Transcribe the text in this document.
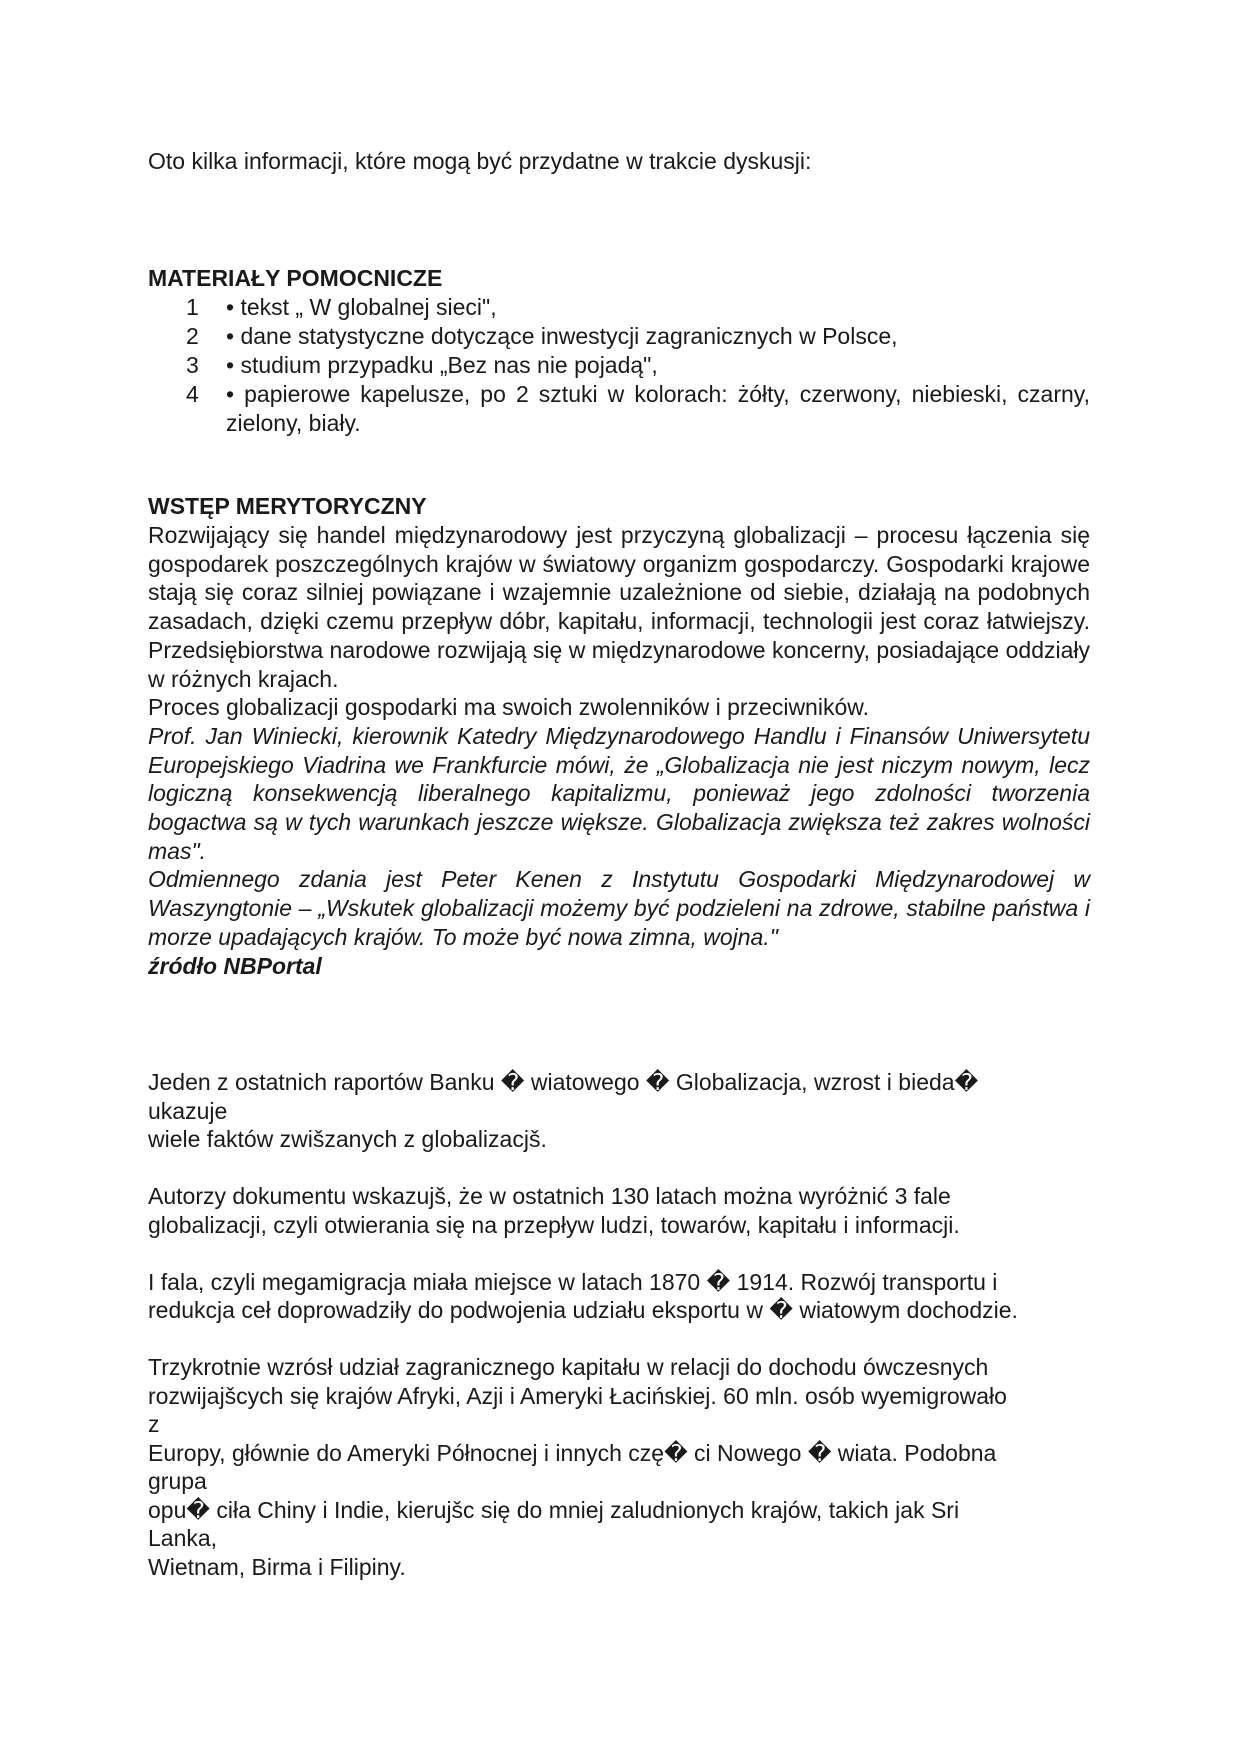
Oto kilka informacji, które mogą być przydatne w trakcie dyskusji:

MATERIAŁY POMOCNICZE

1	• tekst „ W globalnej sieci",
2	• dane statystyczne dotyczące inwestycji zagranicznych w Polsce,
3	• studium przypadku „Bez nas nie pojadą",
4	• papierowe kapelusze, po 2 sztuki w kolorach: żółty, czerwony, niebieski, czarny, zielony, biały.

WSTĘP MERYTORYCZNY

Rozwijający się handel międzynarodowy jest przyczyną globalizacji – procesu łączenia się gospodarek poszczególnych krajów w światowy organizm gospodarczy. Gospodarki krajowe stają się coraz silniej powiązane i wzajemnie uzależnione od siebie, działają na podobnych zasadach, dzięki czemu przepływ dóbr, kapitału, informacji, technologii jest coraz łatwiejszy. Przedsiębiorstwa narodowe rozwijają się w międzynarodowe koncerny, posiadające oddziały w różnych krajach.

Proces globalizacji gospodarki ma swoich zwolenników i przeciwników.

Prof. Jan Winiecki, kierownik Katedry Międzynarodowego Handlu i Finansów Uniwersytetu Europejskiego Viadrina we Frankfurcie mówi, że „Globalizacja nie jest niczym nowym, lecz logiczną konsekwencją liberalnego kapitalizmu, ponieważ jego zdolności tworzenia bogactwa są w tych warunkach jeszcze większe. Globalizacja zwiększa też zakres wolności mas".

Odmiennego zdania jest Peter Kenen z Instytutu Gospodarki Międzynarodowej w Waszyngtonie – „Wskutek globalizacji możemy być podzieleni na zdrowe, stabilne państwa i morze upadających krajów. To może być nowa zimna, wojna."

źródło NBPortal

Jeden z ostatnich raportów Banku � wiatowego � Globalizacja, wzrost i bieda�

ukazuje

wiele faktów zwišzanych z globalizacjš.

Autorzy dokumentu wskazujš, że w ostatnich 130 latach można wyróżnić 3 fale

globalizacji, czyli otwierania się na przepływ ludzi, towarów, kapitału i informacji.

I fala, czyli megamigracja miała miejsce w latach 1870 � 1914. Rozwój transportu i

redukcja ceł doprowadziły do podwojenia udziału eksportu w � wiatowym dochodzie.

Trzykrotnie wzrósł udział zagranicznego kapitału w relacji do dochodu ówczesnych

rozwijajšcych się krajów Afryki, Azji i Ameryki Łacińskiej. 60 mln. osób wyemigrowało

z

Europy, głównie do Ameryki Północnej i innych czę� ci Nowego � wiata. Podobna

grupa

opu� ciła Chiny i Indie, kierujšc się do mniej zaludnionych krajów, takich jak Sri

Lanka,

Wietnam, Birma i Filipiny.
